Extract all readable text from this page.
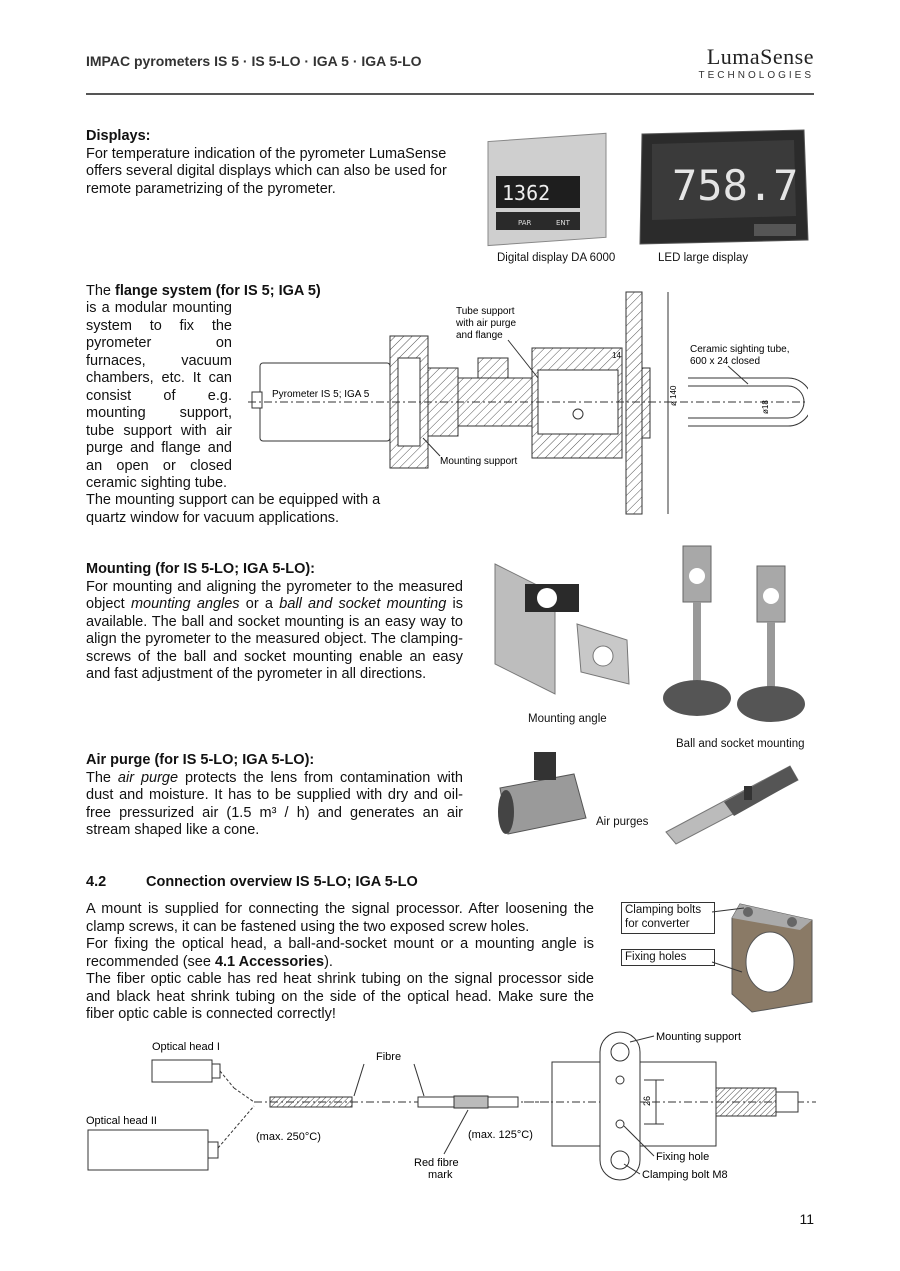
IMPAC pyrometers IS 5 · IS 5-LO · IGA 5 · IGA 5-LO	LumaSense
TECHNOLOGIES
Displays:
For temperature indication of the pyrometer LumaSense offers several digital displays which can also be used for remote parametrizing of the pyrometer.	1362
PAR	ENT
758.7
Digital display DA 6000	LED large display
The flange system (for IS 5; IGA 5)
is a modular mounting system to fix the pyrometer on furnaces, vacuum chambers, etc. It can consist of e.g. mounting support, tube support with air purge and flange and an open or closed ceramic sighting tube.
The mounting support can be equipped with a quartz window for vacuum applications.
Pyrometer IS 5; IGA 5	ø 140
14
ø18
Tube support
with air purge
and flange
Mounting support
Ceramic sighting tube,
600 x 24 closed
Mounting (for IS 5-LO; IGA 5-LO):
For mounting and aligning the pyrometer to the measured object mounting angles or a ball and socket mounting is available. The ball and socket mounting is an easy way to align the pyrometer to the measured object. The clamping-screws of the ball and socket mounting enable an easy and fast adjustment of the pyrometer in all directions.
Mounting angle
Ball and socket mounting
Air purge (for IS 5-LO; IGA 5-LO):
The air purge protects the lens from contamination with dust and moisture. It has to be supplied with dry and oil-free pressurized air (1.5 m³ / h) and generates an air stream shaped like a cone.	Air purges
4.2	Connection overview IS 5-LO; IGA 5-LO
A mount is supplied for connecting the signal processor. After loosening the clamp screws, it can be fastened using the two exposed screw holes.
For fixing the optical head, a ball-and-socket mount or a mounting angle is recommended (see 4.1 Accessories).
The fiber optic cable has red heat shrink tubing on the signal processor side and black heat shrink tubing on the side of the optical head. Make sure the fiber optic cable is connected correctly!
Clamping bolts
for converter
Fixing holes
Optical head I
Optical head II
Fibre
(max. 250°C)	(max. 125°C)
Red fibre
mark
26
Mounting support
Fixing hole
Clamping bolt M8
11
